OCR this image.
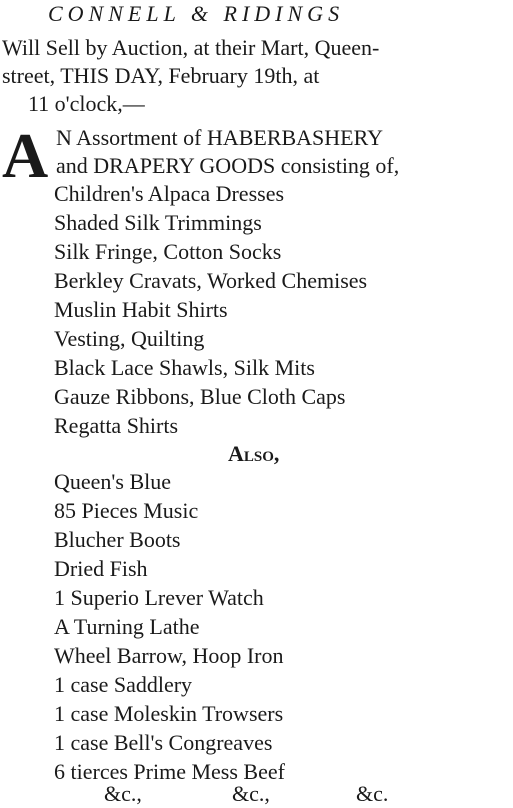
CONNELL & RIDINGS
Will Sell by Auction, at their Mart, Queen-
street, THIS DAY, February 19th, at
11 o'clock,—
A N Assortment of HABERBASHERY
and DRAPERY GOODS consisting of,
Children's Alpaca Dresses
Shaded Silk Trimmings
Silk Fringe, Cotton Socks
Berkley Cravats, Worked Chemises
Muslin Habit Shirts
Vesting, Quilting
Black Lace Shawls, Silk Mits
Gauze Ribbons, Blue Cloth Caps
Regatta Shirts
Also,
Queen's Blue
85 Pieces Music
Blucher Boots
Dried Fish
1 Superio Lrever Watch
A Turning Lathe
Wheel Barrow, Hoop Iron
1 case Saddlery
1 case Moleskin Trowsers
1 case Bell's Congreaves
6 tierces Prime Mess Beef
&c.,	&c.,	&c.
